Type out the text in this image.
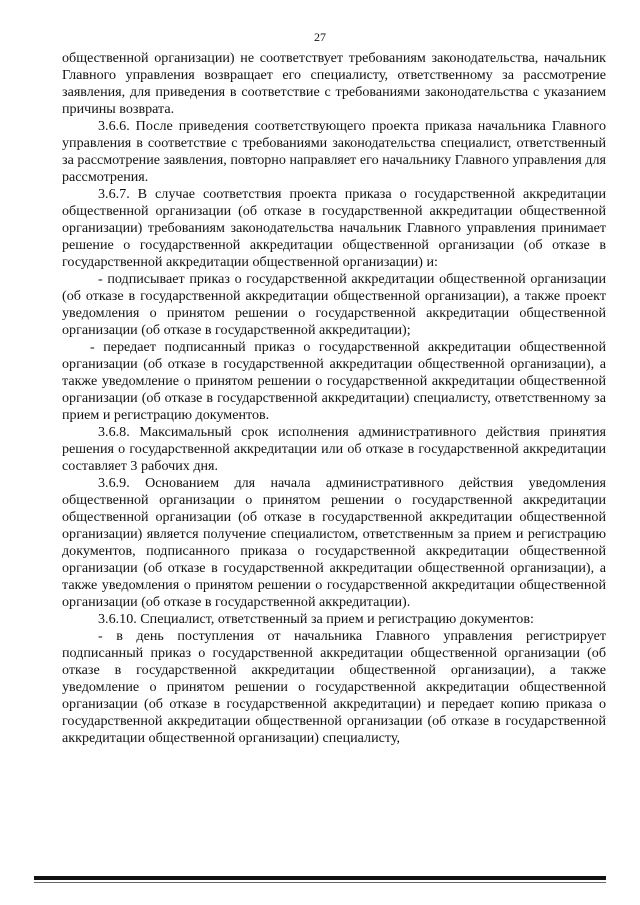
27

общественной организации) не соответствует требованиям законодательства, начальник Главного управления возвращает его специалисту, ответственному за рассмотрение заявления, для приведения в соответствие с требованиями законодательства с указанием причины возврата.

3.6.6. После приведения соответствующего проекта приказа начальника Главного управления в соответствие с требованиями законодательства специалист, ответственный за рассмотрение заявления, повторно направляет его начальнику Главного управления для рассмотрения.

3.6.7. В случае соответствия проекта приказа о государственной аккредитации общественной организации (об отказе в государственной аккредитации общественной организации) требованиям законодательства начальник Главного управления принимает решение о государственной аккредитации общественной организации (об отказе в государственной аккредитации общественной организации) и:

- подписывает приказ о государственной аккредитации общественной организации (об отказе в государственной аккредитации общественной организации), а также проект уведомления о принятом решении о государственной аккредитации общественной организации (об отказе в государственной аккредитации);

- передает подписанный приказ о государственной аккредитации общественной организации (об отказе в государственной аккредитации общественной организации), а также уведомление о принятом решении о государственной аккредитации общественной организации (об отказе в государственной аккредитации) специалисту, ответственному за прием и регистрацию документов.

3.6.8. Максимальный срок исполнения административного действия принятия решения о государственной аккредитации или об отказе в государственной аккредитации составляет 3 рабочих дня.

3.6.9. Основанием для начала административного действия уведомления общественной организации о принятом решении о государственной аккредитации общественной организации (об отказе в государственной аккредитации общественной организации) является получение специалистом, ответственным за прием и регистрацию документов, подписанного приказа о государственной аккредитации общественной организации (об отказе в государственной аккредитации общественной организации), а также уведомления о принятом решении о государственной аккредитации общественной организации (об отказе в государственной аккредитации).

3.6.10. Специалист, ответственный за прием и регистрацию документов:

- в день поступления от начальника Главного управления регистрирует подписанный приказ о государственной аккредитации общественной организации (об отказе в государственной аккредитации общественной организации), а также уведомление о принятом решении о государственной аккредитации общественной организации (об отказе в государственной аккредитации) и передает копию приказа о государственной аккредитации общественной организации (об отказе в государственной аккредитации общественной организации) специалисту,
